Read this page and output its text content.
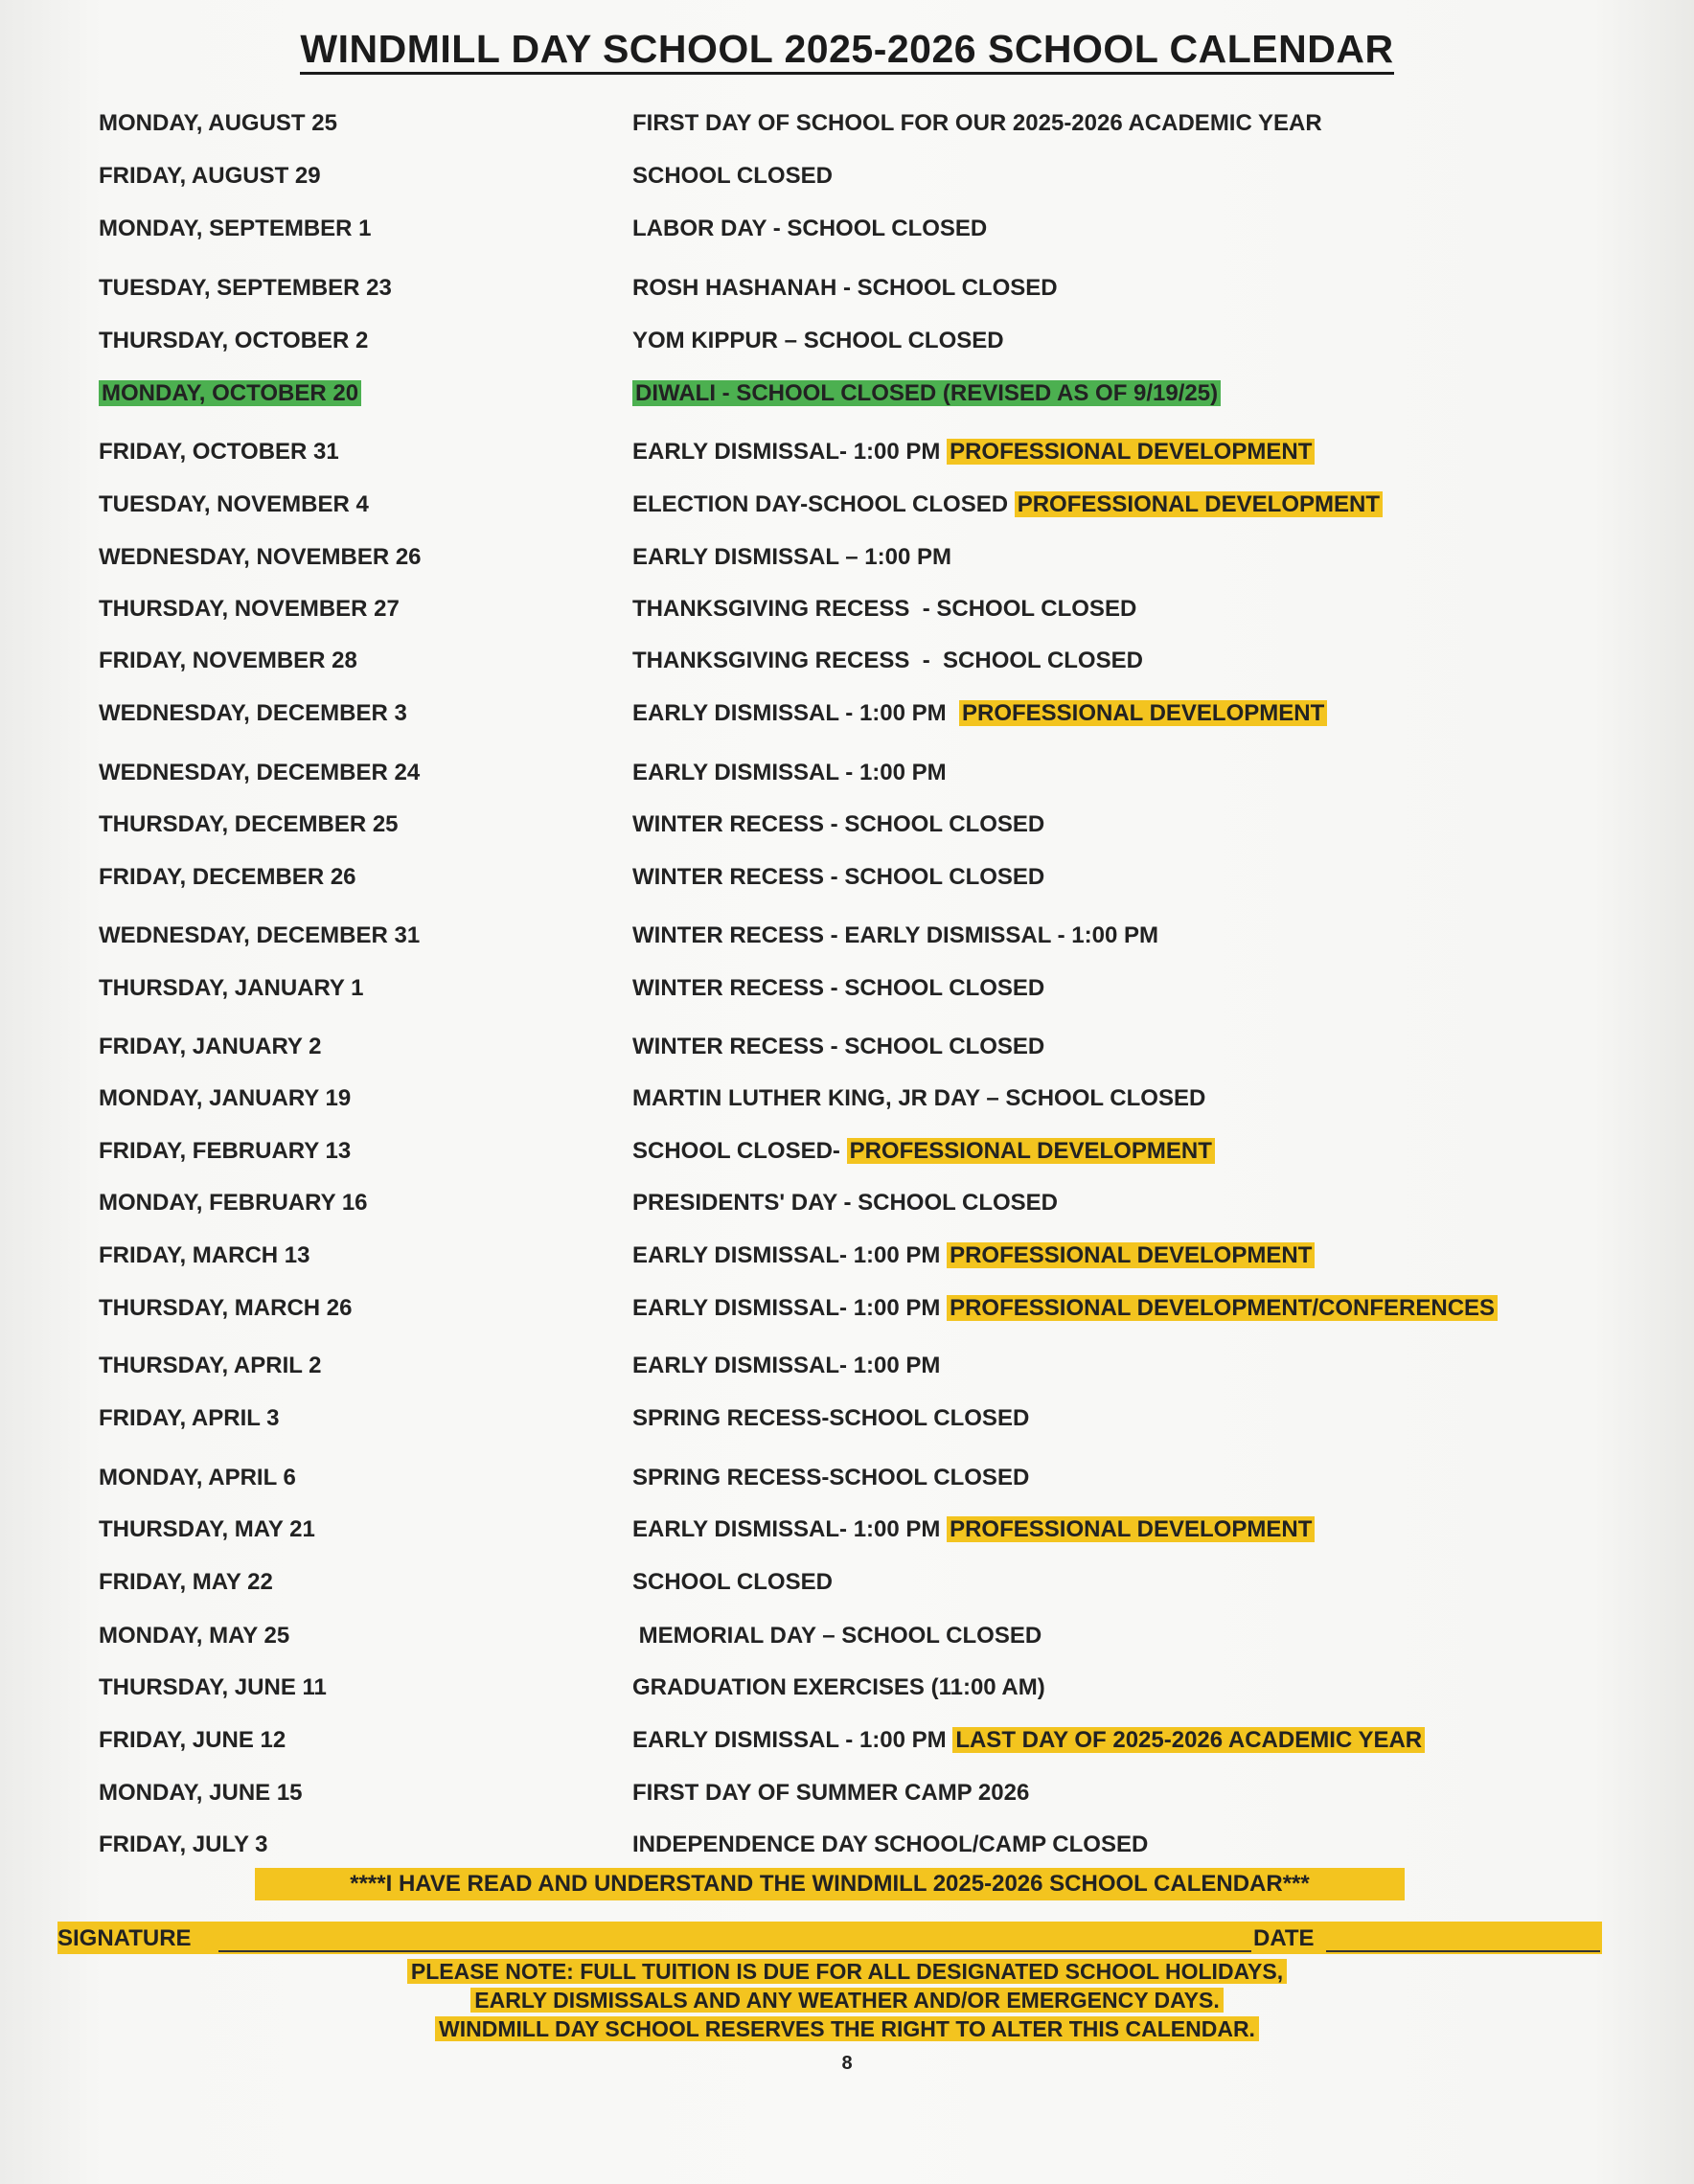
WINDMILL DAY SCHOOL 2025-2026 SCHOOL CALENDAR
MONDAY, AUGUST 25	FIRST DAY OF SCHOOL FOR OUR 2025-2026 ACADEMIC YEAR
FRIDAY, AUGUST 29	SCHOOL CLOSED
MONDAY, SEPTEMBER 1	LABOR DAY - SCHOOL CLOSED
TUESDAY, SEPTEMBER 23	ROSH HASHANAH - SCHOOL CLOSED
THURSDAY, OCTOBER 2	YOM KIPPUR – SCHOOL CLOSED
MONDAY, OCTOBER 20	DIWALI - SCHOOL CLOSED (REVISED AS OF 9/19/25)
FRIDAY, OCTOBER 31	EARLY DISMISSAL- 1:00 PM PROFESSIONAL DEVELOPMENT
TUESDAY, NOVEMBER 4	ELECTION DAY-SCHOOL CLOSED PROFESSIONAL DEVELOPMENT
WEDNESDAY, NOVEMBER 26	EARLY DISMISSAL – 1:00 PM
THURSDAY, NOVEMBER 27	THANKSGIVING RECESS  - SCHOOL CLOSED
FRIDAY, NOVEMBER 28	THANKSGIVING RECESS  -  SCHOOL CLOSED
WEDNESDAY, DECEMBER 3	EARLY DISMISSAL - 1:00 PM  PROFESSIONAL DEVELOPMENT
WEDNESDAY, DECEMBER 24	EARLY DISMISSAL - 1:00 PM
THURSDAY, DECEMBER 25	WINTER RECESS - SCHOOL CLOSED
FRIDAY, DECEMBER 26	WINTER RECESS - SCHOOL CLOSED
WEDNESDAY, DECEMBER 31	WINTER RECESS - EARLY DISMISSAL - 1:00 PM
THURSDAY, JANUARY 1	WINTER RECESS - SCHOOL CLOSED
FRIDAY, JANUARY 2	WINTER RECESS - SCHOOL CLOSED
MONDAY, JANUARY 19	MARTIN LUTHER KING, JR DAY – SCHOOL CLOSED
FRIDAY, FEBRUARY 13	SCHOOL CLOSED- PROFESSIONAL DEVELOPMENT
MONDAY, FEBRUARY 16	PRESIDENTS' DAY - SCHOOL CLOSED
FRIDAY, MARCH 13	EARLY DISMISSAL- 1:00 PM PROFESSIONAL DEVELOPMENT
THURSDAY, MARCH 26	EARLY DISMISSAL- 1:00 PM PROFESSIONAL DEVELOPMENT/CONFERENCES
THURSDAY, APRIL 2	EARLY DISMISSAL- 1:00 PM
FRIDAY, APRIL 3	SPRING RECESS-SCHOOL CLOSED
MONDAY, APRIL 6	SPRING RECESS-SCHOOL CLOSED
THURSDAY, MAY 21	EARLY DISMISSAL- 1:00 PM PROFESSIONAL DEVELOPMENT
FRIDAY, MAY 22	SCHOOL CLOSED
MONDAY, MAY 25	MEMORIAL DAY – SCHOOL CLOSED
THURSDAY, JUNE 11	GRADUATION EXERCISES (11:00 AM)
FRIDAY, JUNE 12	EARLY DISMISSAL - 1:00 PM LAST DAY OF 2025-2026 ACADEMIC YEAR
MONDAY, JUNE 15	FIRST DAY OF SUMMER CAMP 2026
FRIDAY, JULY 3	INDEPENDENCE DAY SCHOOL/CAMP CLOSED
****I HAVE READ AND UNDERSTAND THE WINDMILL 2025-2026 SCHOOL CALENDAR***
SIGNATURE	DATE
PLEASE NOTE: FULL TUITION IS DUE FOR ALL DESIGNATED SCHOOL HOLIDAYS,
EARLY DISMISSALS AND ANY WEATHER AND/OR EMERGENCY DAYS.
WINDMILL DAY SCHOOL RESERVES THE RIGHT TO ALTER THIS CALENDAR.
8
